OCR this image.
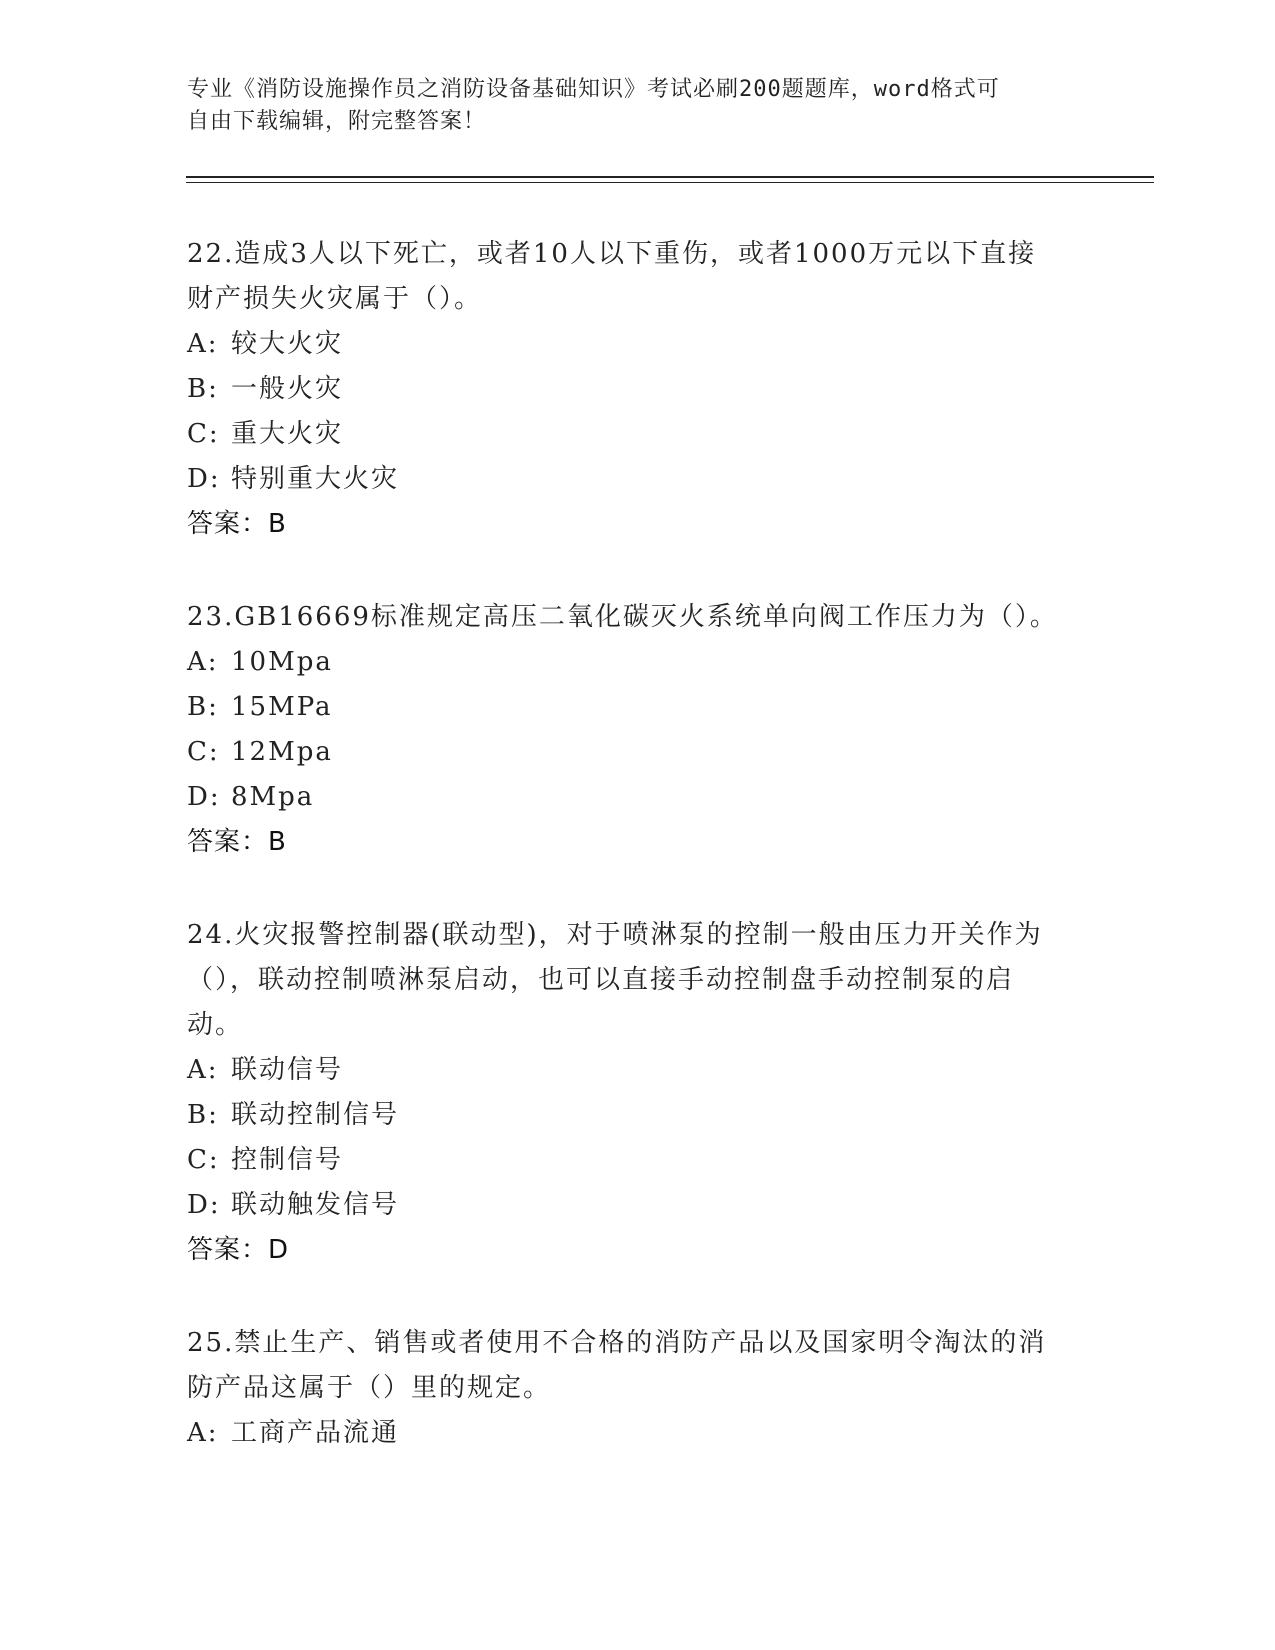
专业《消防设施操作员之消防设备基础知识》考试必刷200题题库，word格式可
自由下载编辑，附完整答案！
22.造成3人以下死亡，或者10人以下重伤，或者1000万元以下直接
财产损失火灾属于（）。
A: 较大火灾
B: 一般火灾
C: 重大火灾
D: 特别重大火灾
答案：B
23.GB16669标准规定高压二氧化碳灭火系统单向阀工作压力为（）。
A: 10Mpa
B: 15MPa
C: 12Mpa
D: 8Mpa
答案：B
24.火灾报警控制器(联动型)，对于喷淋泵的控制一般由压力开关作为
（），联动控制喷淋泵启动，也可以直接手动控制盘手动控制泵的启
动。
A: 联动信号
B: 联动控制信号
C: 控制信号
D: 联动触发信号
答案：D
25.禁止生产、销售或者使用不合格的消防产品以及国家明令淘汰的消
防产品这属于（）里的规定。
A: 工商产品流通
